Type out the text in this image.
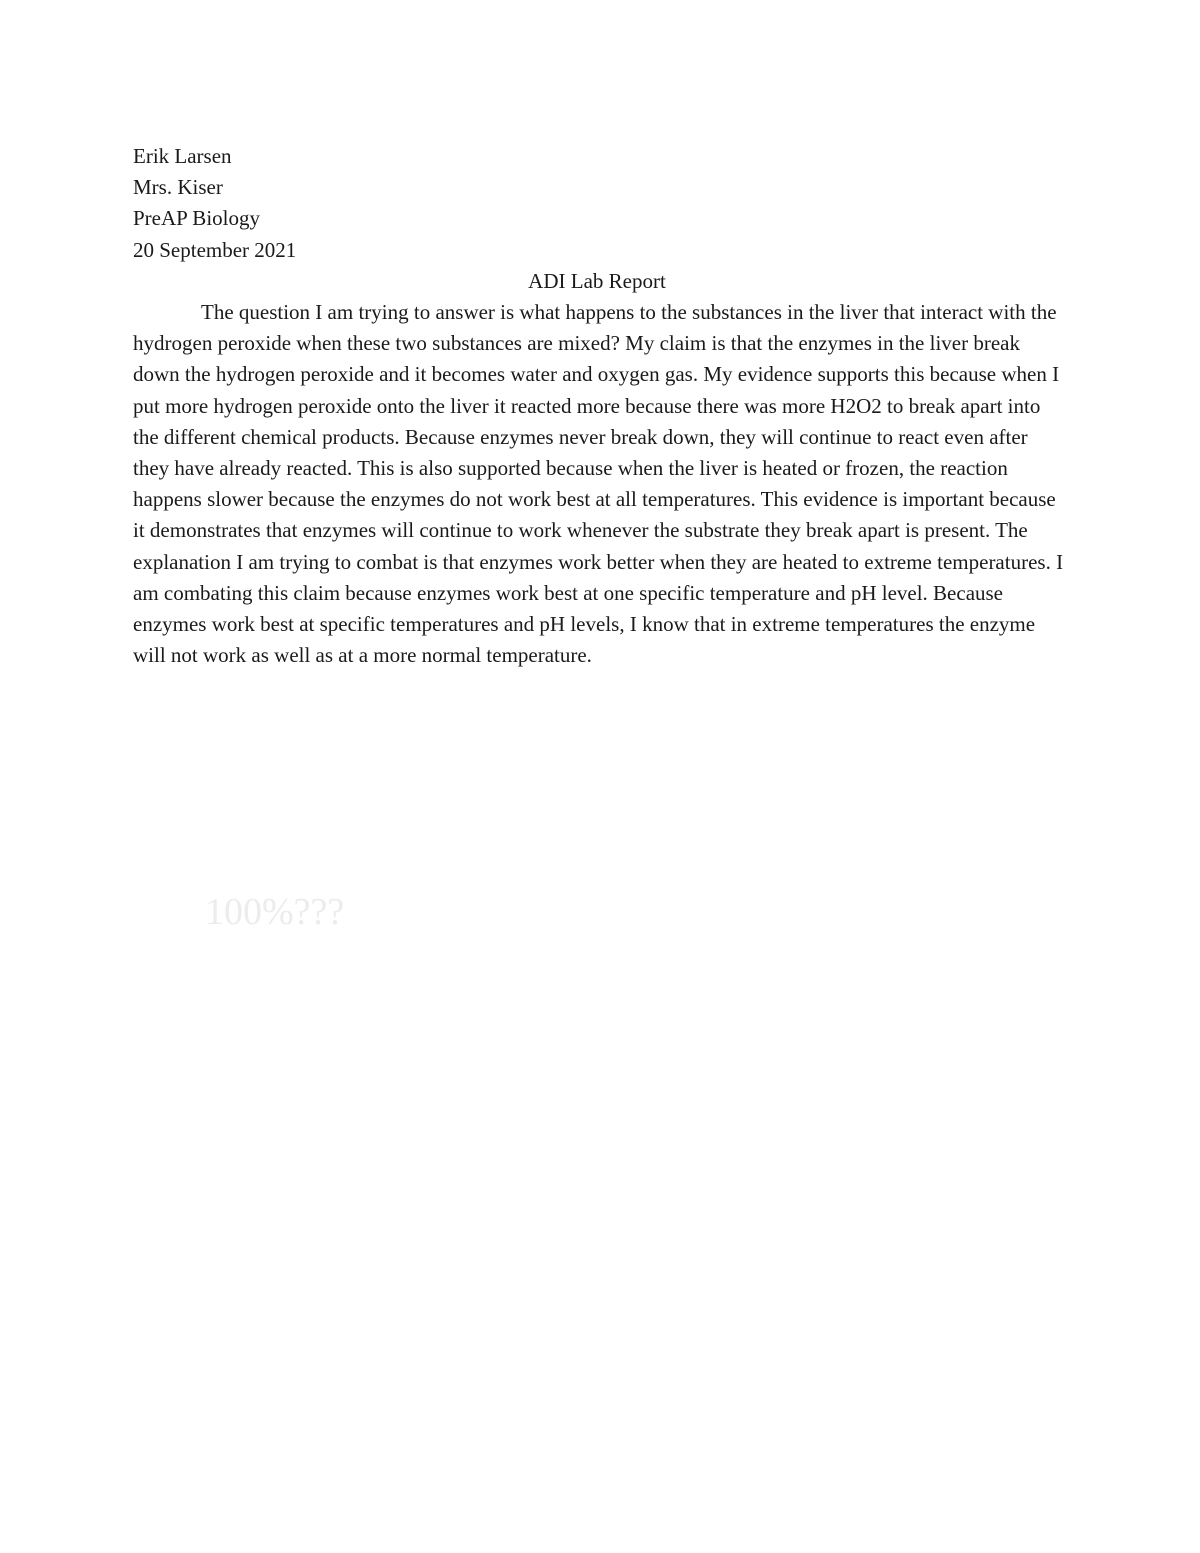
Erik Larsen
Mrs. Kiser
PreAP Biology
20 September 2021
ADI Lab Report

The question I am trying to answer is what happens to the substances in the liver that interact with the hydrogen peroxide when these two substances are mixed? My claim is that the enzymes in the liver break down the hydrogen peroxide and it becomes water and oxygen gas. My evidence supports this because when I put more hydrogen peroxide onto the liver it reacted more because there was more H2O2 to break apart into the different chemical products. Because enzymes never break down, they will continue to react even after they have already reacted. This is also supported because when the liver is heated or frozen, the reaction happens slower because the enzymes do not work best at all temperatures. This evidence is important because it demonstrates that enzymes will continue to work whenever the substrate they break apart is present. The explanation I am trying to combat is that enzymes work better when they are heated to extreme temperatures. I am combating this claim because enzymes work best at one specific temperature and pH level. Because enzymes work best at specific temperatures and pH levels, I know that in extreme temperatures the enzyme will not work as well as at a more normal temperature.

100%???
